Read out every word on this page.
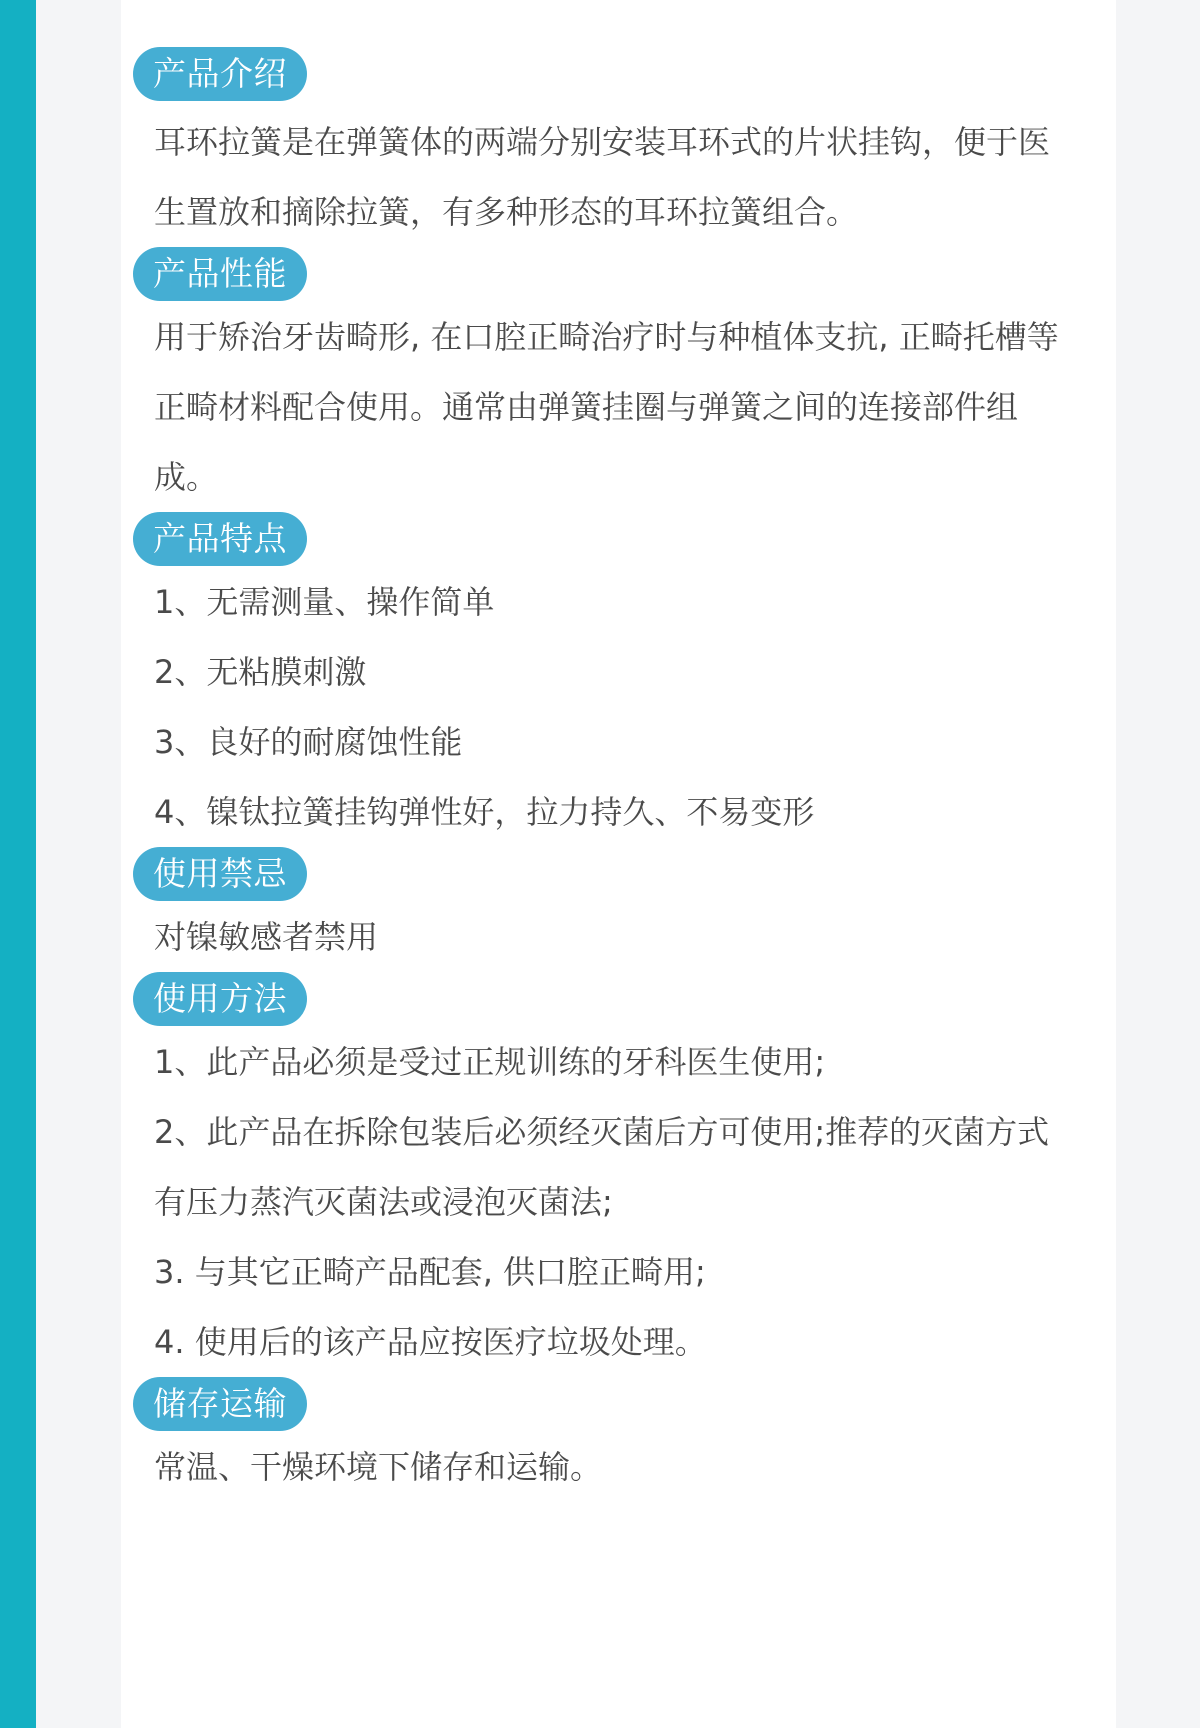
产品介绍
耳环拉簧是在弹簧体的两端分别安装耳环式的片状挂钩，便于医
生置放和摘除拉簧，有多种形态的耳环拉簧组合。
产品性能
用于矫治牙齿畸形, 在口腔正畸治疗时与种植体支抗, 正畸托槽等
正畸材料配合使用。通常由弹簧挂圈与弹簧之间的连接部件组
成。
产品特点
1、无需测量、操作简单
2、无粘膜刺激
3、良好的耐腐蚀性能
4、镍钛拉簧挂钩弹性好，拉力持久、不易变形
使用禁忌
对镍敏感者禁用
使用方法
1、此产品必须是受过正规训练的牙科医生使用;
2、此产品在拆除包装后必须经灭菌后方可使用;推荐的灭菌方式
有压力蒸汽灭菌法或浸泡灭菌法;
3. 与其它正畸产品配套, 供口腔正畸用;
4. 使用后的该产品应按医疗垃圾处理。
储存运输
常温、干燥环境下储存和运输。
